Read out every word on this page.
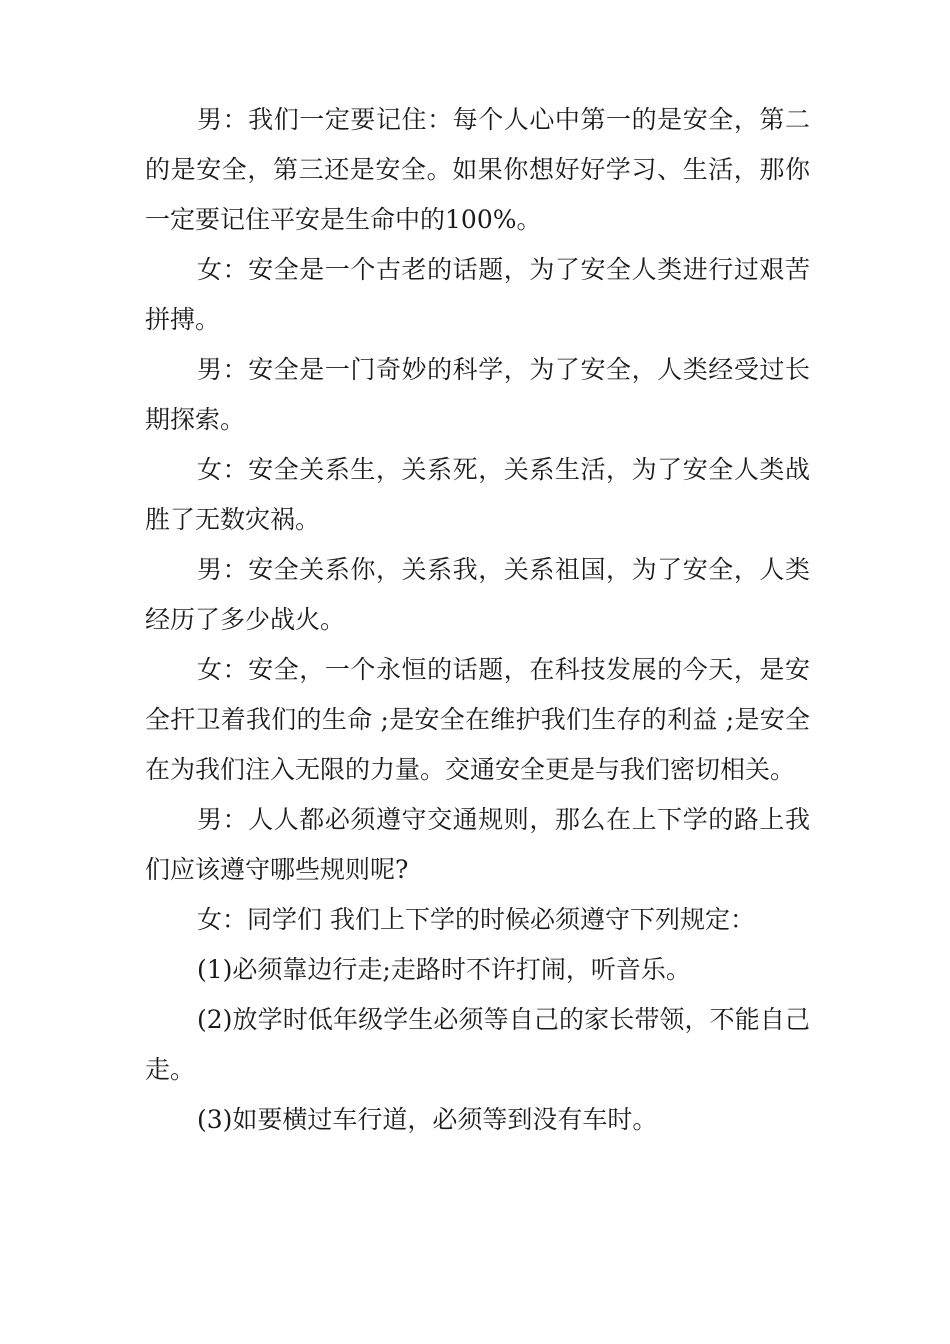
男：我们一定要记住：每个人心中第一的是安全，第二的是安全，第三还是安全。如果你想好好学习、生活，那你一定要记住平安是生命中的100%。

女：安全是一个古老的话题，为了安全人类进行过艰苦拼搏。

男：安全是一门奇妙的科学，为了安全，人类经受过长期探索。

女：安全关系生，关系死，关系生活，为了安全人类战胜了无数灾祸。

男：安全关系你，关系我，关系祖国，为了安全，人类经历了多少战火。

女：安全，一个永恒的话题，在科技发展的今天，是安全扞卫着我们的生命 ;是安全在维护我们生存的利益 ;是安全在为我们注入无限的力量。交通安全更是与我们密切相关。

男：人人都必须遵守交通规则，那么在上下学的路上我们应该遵守哪些规则呢?

女：同学们 我们上下学的时候必须遵守下列规定：

(1)必须靠边行走;走路时不许打闹，听音乐。

(2)放学时低年级学生必须等自己的家长带领，不能自己走。

(3)如要横过车行道，必须等到没有车时。
